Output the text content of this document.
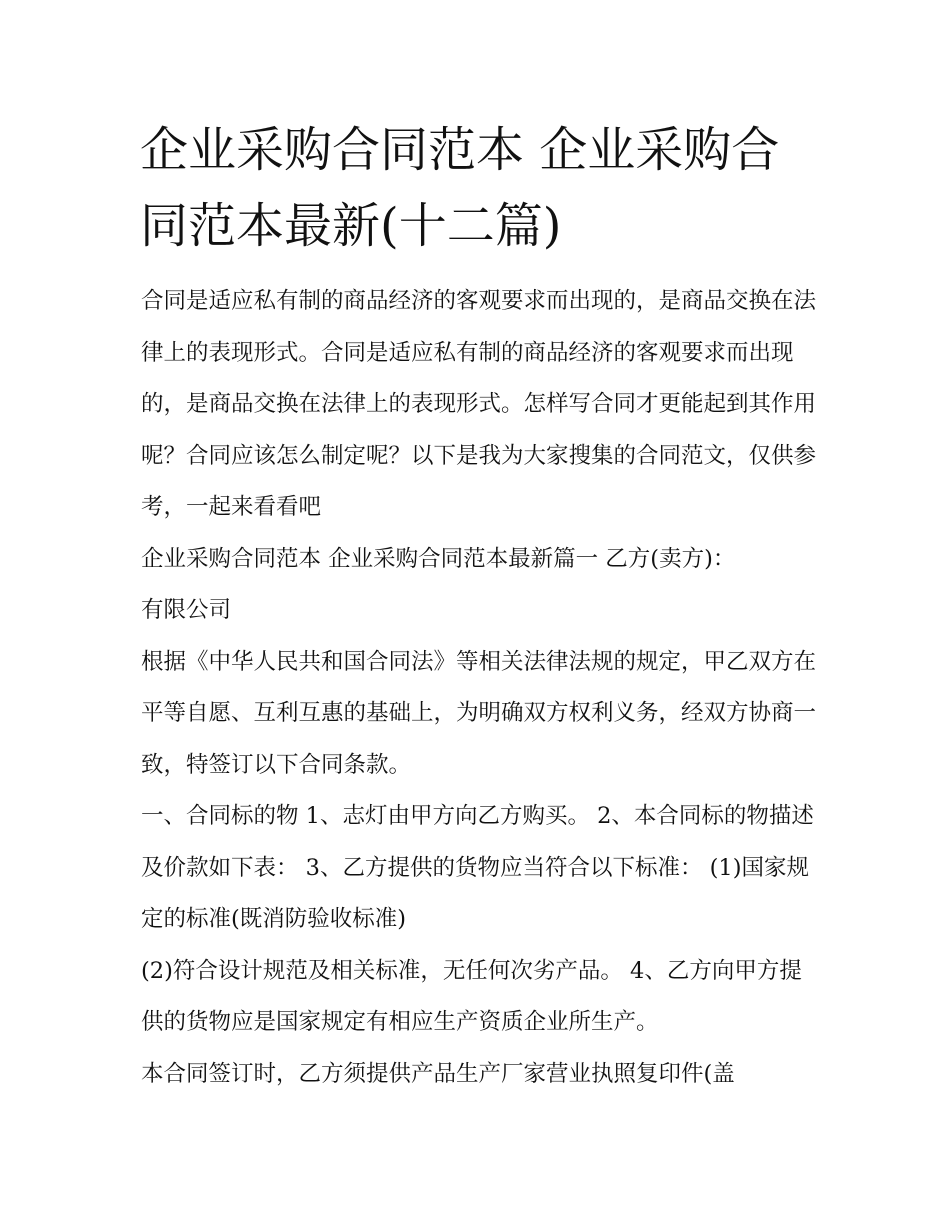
企业采购合同范本 企业采购合同范本最新(十二篇)

合同是适应私有制的商品经济的客观要求而出现的，是商品交换在法律上的表现形式。合同是适应私有制的商品经济的客观要求而出现的，是商品交换在法律上的表现形式。怎样写合同才更能起到其作用呢？合同应该怎么制定呢？以下是我为大家搜集的合同范文，仅供参考，一起来看看吧

企业采购合同范本 企业采购合同范本最新篇一 乙方(卖方)：

有限公司

根据《中华人民共和国合同法》等相关法律法规的规定，甲乙双方在平等自愿、互利互惠的基础上，为明确双方权利义务，经双方协商一致，特签订以下合同条款。

一、合同标的物 1、志灯由甲方向乙方购买。 2、本合同标的物描述及价款如下表： 3、乙方提供的货物应当符合以下标准： (1)国家规定的标准(既消防验收标准)

(2)符合设计规范及相关标准，无任何次劣产品。 4、乙方向甲方提供的货物应是国家规定有相应生产资质企业所生产。

本合同签订时，乙方须提供产品生产厂家营业执照复印件(盖
